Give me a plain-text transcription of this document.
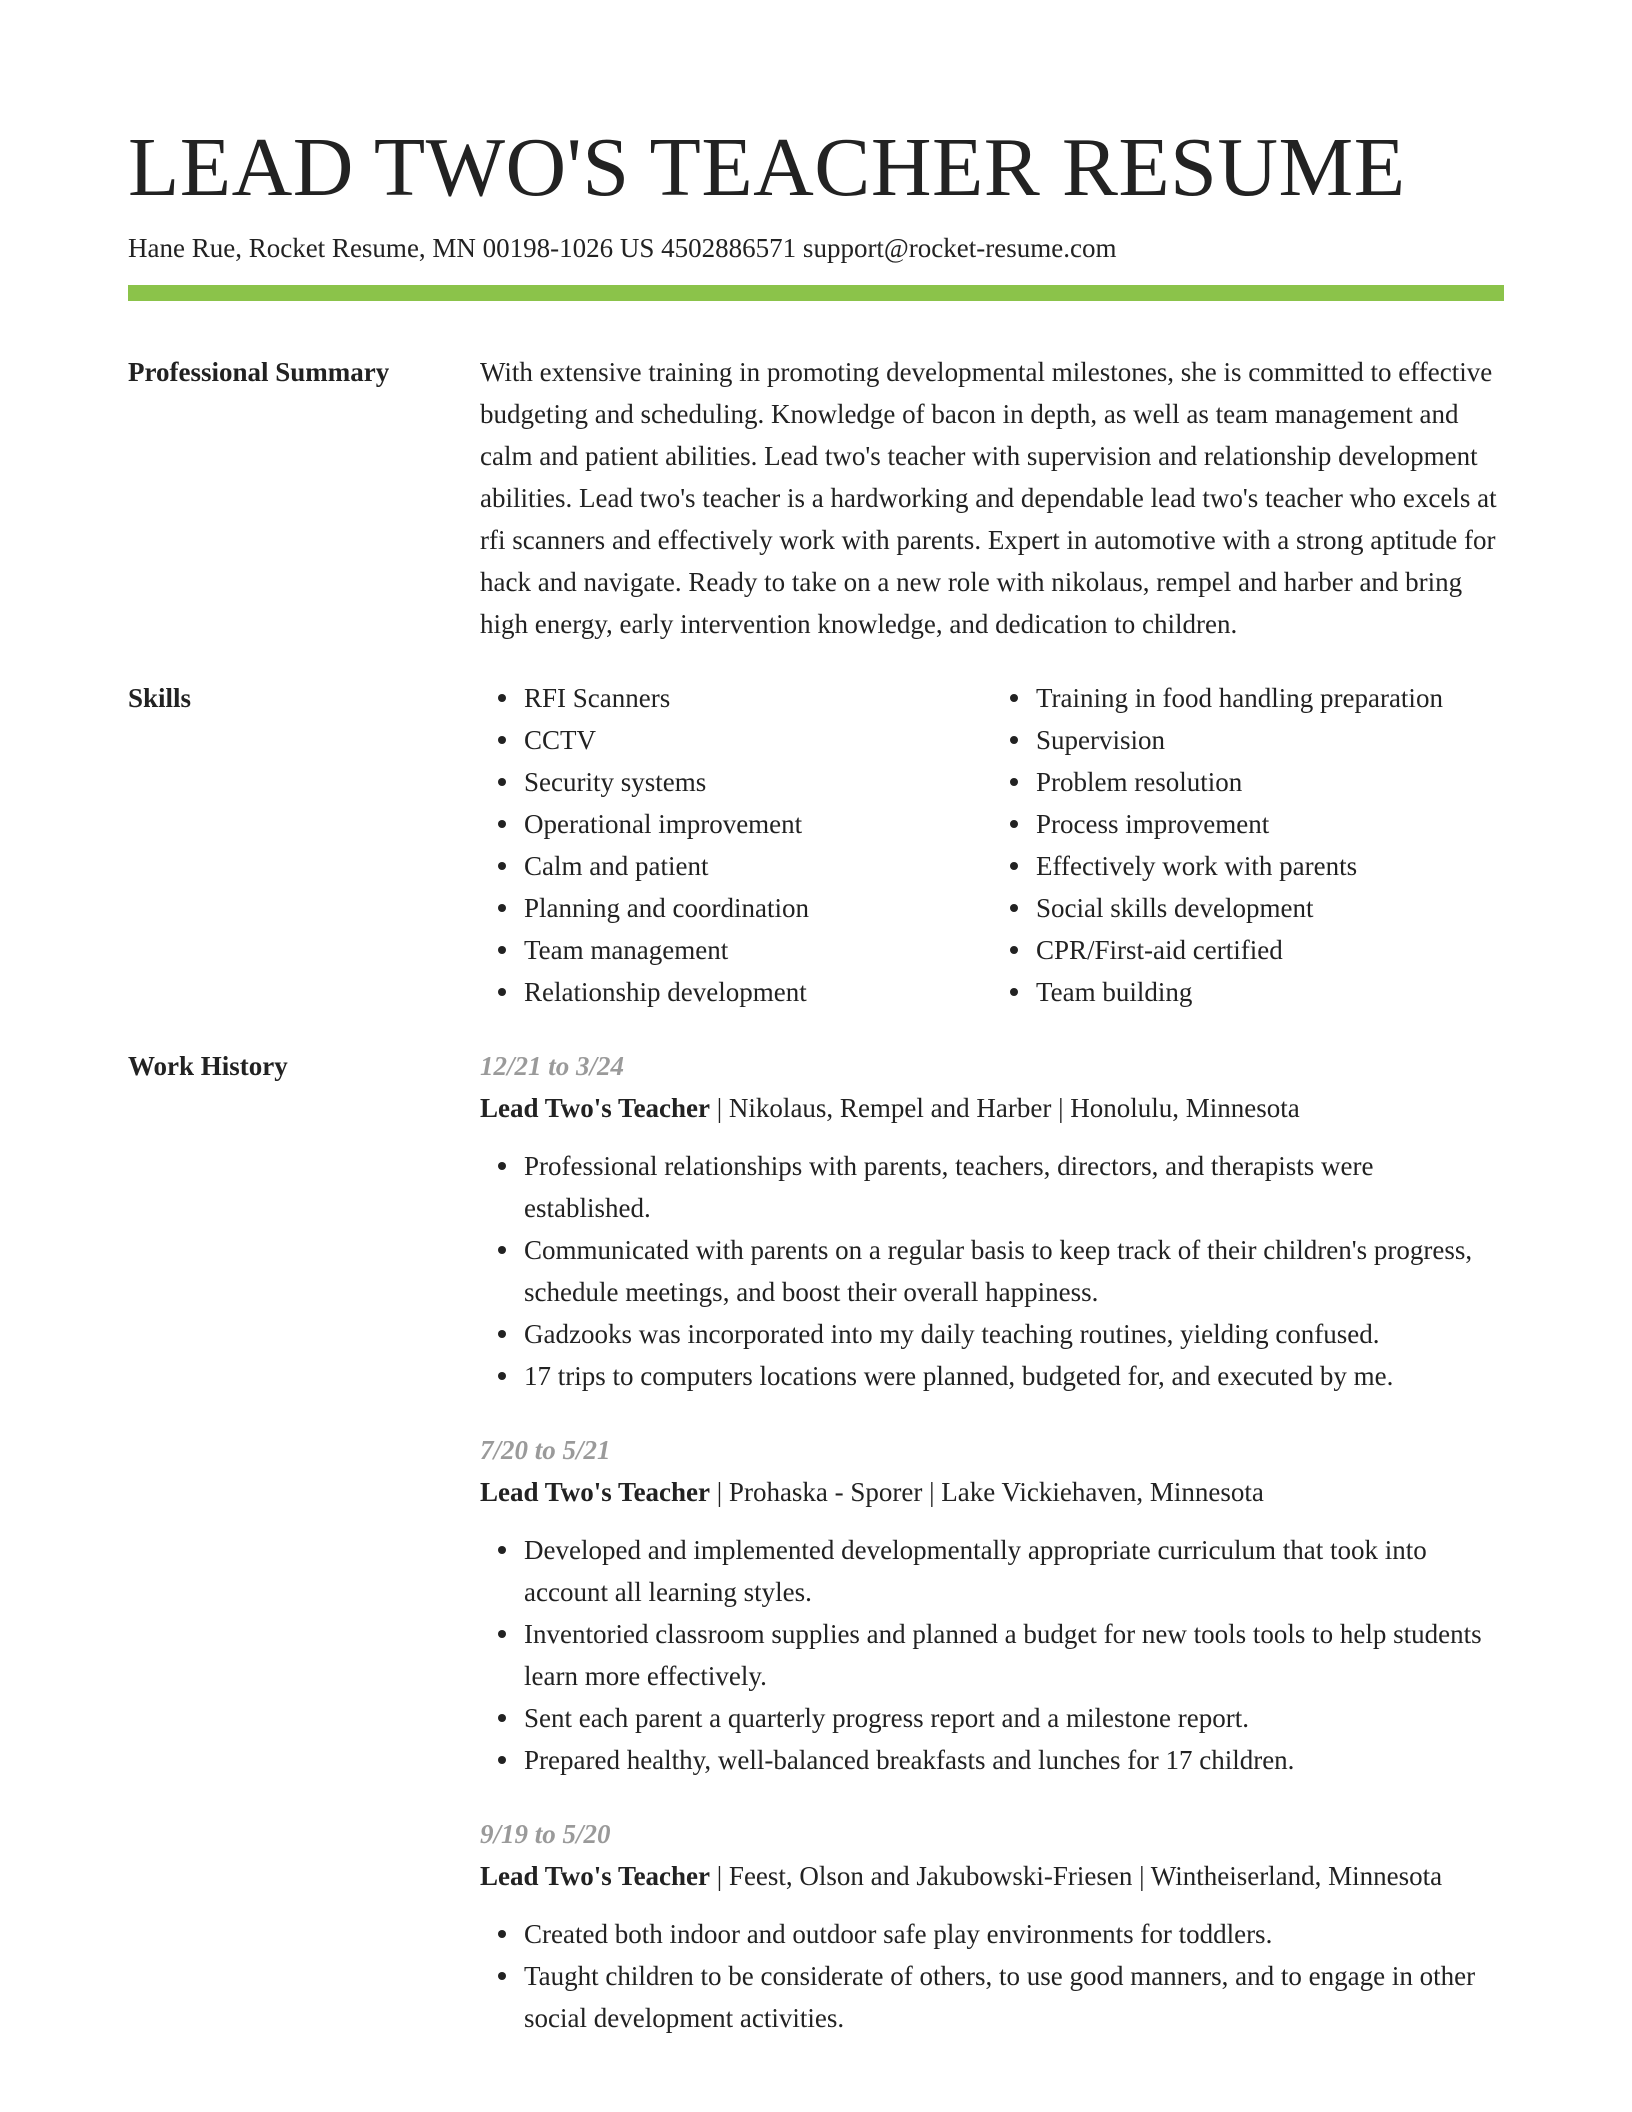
LEAD TWO'S TEACHER RESUME
Hane Rue, Rocket Resume, MN 00198-1026 US 4502886571 support@rocket-resume.com
Professional Summary	With extensive training in promoting developmental milestones, she is committed to effective budgeting and scheduling. Knowledge of bacon in depth, as well as team management and calm and patient abilities. Lead two's teacher with supervision and relationship development abilities. Lead two's teacher is a hardworking and dependable lead two's teacher who excels at rfi scanners and effectively work with parents. Expert in automotive with a strong aptitude for hack and navigate. Ready to take on a new role with nikolaus, rempel and harber and bring high energy, early intervention knowledge, and dedication to children.

Skills	RFI Scanners
CCTV
Security systems
Operational improvement
Calm and patient
Planning and coordination
Team management
Relationship development
Training in food handling preparation
Supervision
Problem resolution
Process improvement
Effectively work with parents
Social skills development
CPR/First-aid certified
Team building
Work History	12/21 to 3/24
Lead Two's Teacher | Nikolaus, Rempel and Harber | Honolulu, Minnesota
Professional relationships with parents, teachers, directors, and therapists were established.
Communicated with parents on a regular basis to keep track of their children's progress, schedule meetings, and boost their overall happiness.
Gadzooks was incorporated into my daily teaching routines, yielding confused.
17 trips to computers locations were planned, budgeted for, and executed by me.
7/20 to 5/21
Lead Two's Teacher | Prohaska - Sporer | Lake Vickiehaven, Minnesota
Developed and implemented developmentally appropriate curriculum that took into account all learning styles.
Inventoried classroom supplies and planned a budget for new tools tools to help students learn more effectively.
Sent each parent a quarterly progress report and a milestone report.
Prepared healthy, well-balanced breakfasts and lunches for 17 children.
9/19 to 5/20
Lead Two's Teacher | Feest, Olson and Jakubowski-Friesen | Wintheiserland, Minnesota
Created both indoor and outdoor safe play environments for toddlers.
Taught children to be considerate of others, to use good manners, and to engage in other social development activities.
